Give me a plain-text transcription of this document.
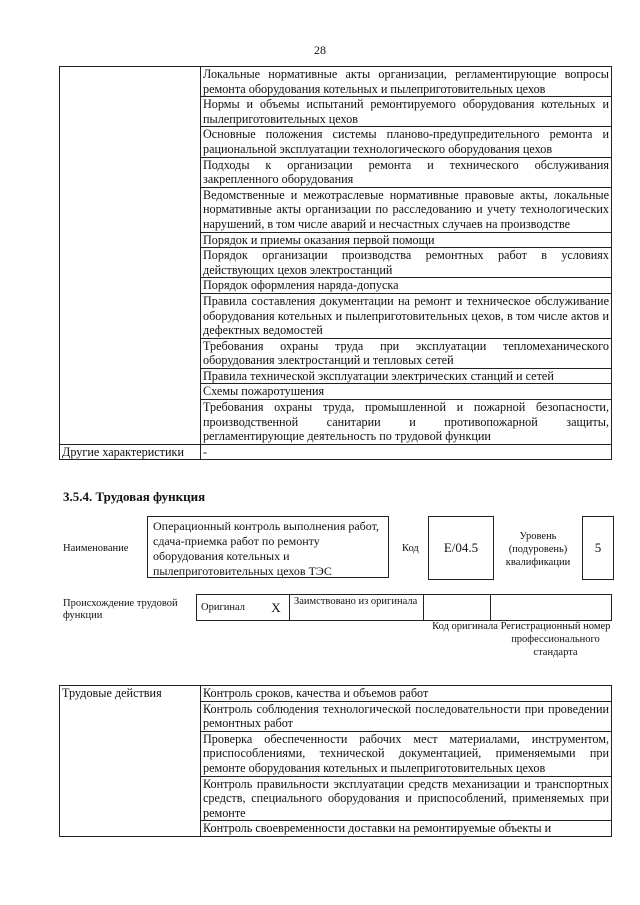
28
	Локальные нормативные акты организации, регламентирующие вопросы ремонта оборудования котельных и пылеприготовительных цехов
	Нормы и объемы испытаний ремонтируемого оборудования котельных и пылеприготовительных цехов
	Основные положения системы планово-предупредительного ремонта и рациональной эксплуатации технологического оборудования цехов
	Подходы к организации ремонта и технического обслуживания закрепленного оборудования
	Ведомственные и межотраслевые нормативные правовые акты, локальные нормативные акты организации по расследованию и учету технологических нарушений, в том числе аварий и несчастных случаев на производстве
	Порядок и приемы оказания первой помощи
	Порядок организации производства ремонтных работ в условиях действующих цехов электростанций
	Порядок оформления наряда-допуска
	Правила составления документации на ремонт и техническое обслуживание оборудования котельных и пылеприготовительных цехов, в том числе актов и дефектных ведомостей
	Требования охраны труда при эксплуатации тепломеханического оборудования электростанций и тепловых сетей
	Правила технической эксплуатации электрических станций и сетей
	Схемы пожаротушения
	Требования охраны труда, промышленной и пожарной безопасности, производственной санитарии и противопожарной защиты, регламентирующие деятельность по трудовой функции
Другие характеристики	-
3.5.4. Трудовая функция
Наименование
Операционный контроль выполнения работ, сдача-приемка работ по ремонту оборудования котельных и пылеприготовительных цехов ТЭС
Код	E/04.5
Уровень (подуровень) квалификации
5
Происхождение трудовой функции
Оригинал	X	Заимствовано из оригинала		
Код оригинала Регистрационный номер профессионального стандарта
Трудовые действия	Контроль сроков, качества и объемов работ
Контроль соблюдения технологической последовательности при проведении ремонтных работ
Проверка обеспеченности рабочих мест материалами, инструментом, приспособлениями, технической документацией, применяемыми при ремонте оборудования котельных и пылеприготовительных цехов
Контроль правильности эксплуатации средств механизации и транспортных средств, специального оборудования и приспособлений, применяемых при ремонте
Контроль своевременности доставки на ремонтируемые объекты и
